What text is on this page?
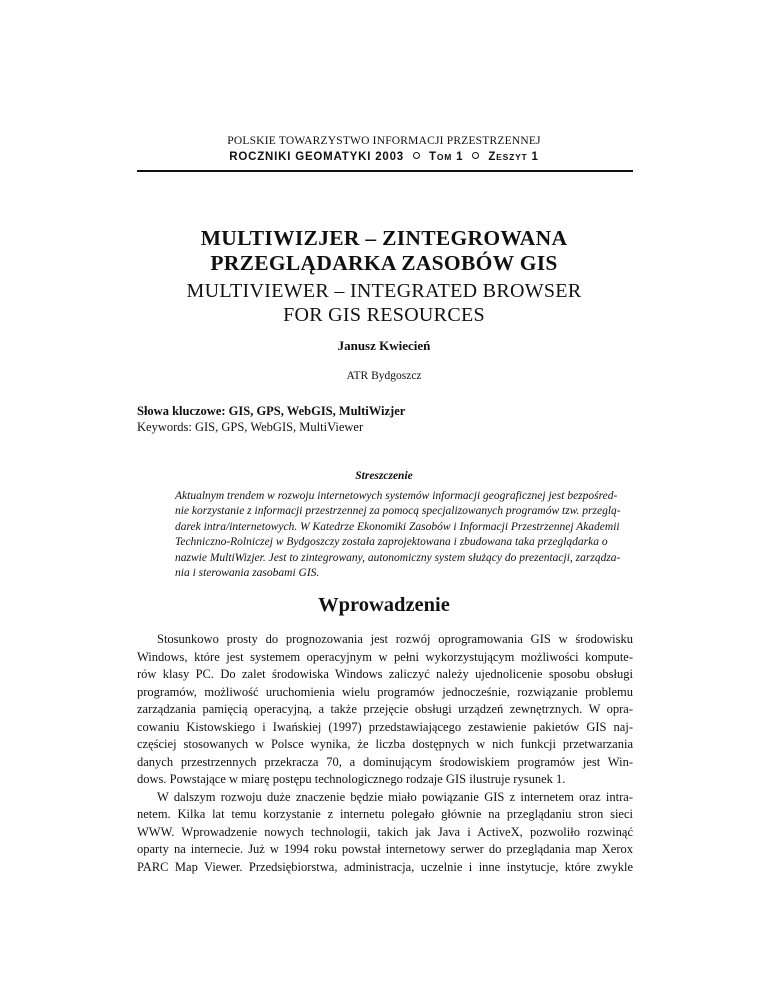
POLSKIE TOWARZYSTWO INFORMACJI PRZESTRZENNEJ
ROCZNIKI GEOMATYKI 2003 TOM 1 ZESZYT 1
MULTIWIZJER – ZINTEGROWANA
PRZEGLĄDARKA ZASOBÓW GIS
MULTIVIEWER – INTEGRATED BROWSER
FOR GIS RESOURCES
Janusz Kwiecień
ATR Bydgoszcz
Słowa kluczowe: GIS, GPS, WebGIS, MultiWizjer
Keywords: GIS, GPS, WebGIS, MultiViewer
Streszczenie
Aktualnym trendem w rozwoju internetowych systemów informacji geograficznej jest bezpośred-
nie korzystanie z informacji przestrzennej za pomocą specjalizowanych programów tzw. przeglą-
darek intra/internetowych. W Katedrze Ekonomiki Zasobów i Informacji Przestrzennej Akademii
Techniczno-Rolniczej w Bydgoszczy została zaprojektowana i zbudowana taka przeglądarka o
nazwie MultiWizjer. Jest to zintegrowany, autonomiczny system służący do prezentacji, zarządza-
nia i sterowania zasobami GIS.
Wprowadzenie
Stosunkowo prosty do prognozowania jest rozwój oprogramowania GIS w środowisku
Windows, które jest systemem operacyjnym w pełni wykorzystującym możliwości kompute-
rów klasy PC. Do zalet środowiska Windows zaliczyć należy ujednolicenie sposobu obsługi
programów, możliwość uruchomienia wielu programów jednocześnie, rozwiązanie problemu
zarządzania pamięcią operacyjną, a także przejęcie obsługi urządzeń zewnętrznych. W opra-
cowaniu Kistowskiego i Iwańskiej (1997) przedstawiającego zestawienie pakietów GIS naj-
częściej stosowanych w Polsce wynika, że liczba dostępnych w nich funkcji przetwarzania
danych przestrzennych przekracza 70, a dominującym środowiskiem programów jest Win-
dows. Powstające w miarę postępu technologicznego rodzaje GIS ilustruje rysunek 1.
W dalszym rozwoju duże znaczenie będzie miało powiązanie GIS z internetem oraz intra-
netem. Kilka lat temu korzystanie z internetu polegało głównie na przeglądaniu stron sieci
WWW. Wprowadzenie nowych technologii, takich jak Java i ActiveX, pozwoliło rozwinąć
oparty na internecie. Już w 1994 roku powstał internetowy serwer do przeglądania map Xerox
PARC Map Viewer. Przedsiębiorstwa, administracja, uczelnie i inne instytucje, które zwykle
